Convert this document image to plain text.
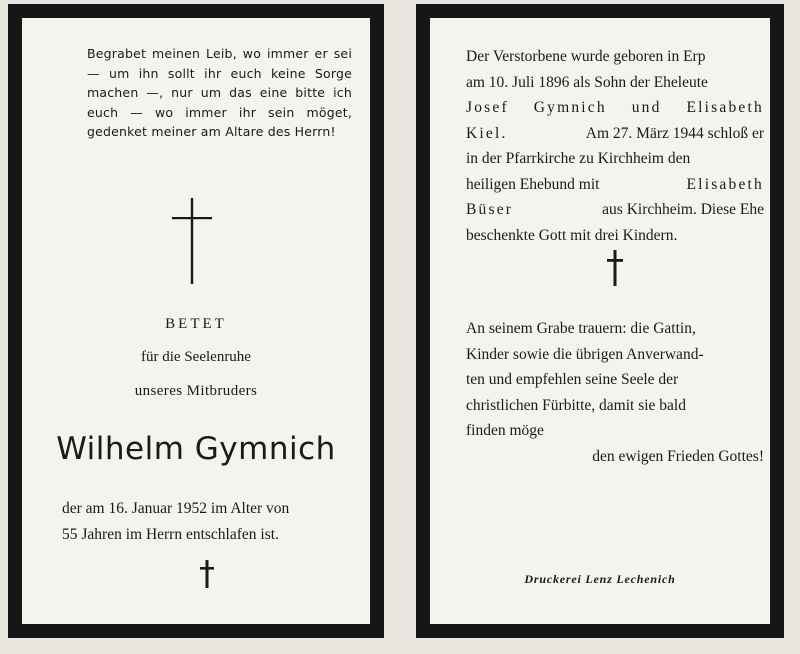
Begrabet meinen Leib, wo immer er sei — um ihn sollt ihr euch keine Sorge machen —, nur um das eine bitte ich euch — wo immer ihr sein möget, gedenket meiner am Altare des Herrn!
BETET
für die Seelenruhe
unseres Mitbruders
Wilhelm Gymnich
der am 16. Januar 1952 im Alter von
55 Jahren im Herrn entschlafen ist.
Der Verstorbene wurde geboren in Erp
am 10. Juli 1896 als Sohn der Eheleute
Josef Gymnich und Elisabeth
Kiel.	Am 27. März 1944 schloß er
in der Pfarrkirche zu Kirchheim den
heiligen Ehebund mit	Elisabeth
Büser	aus Kirchheim. Diese Ehe
beschenkte Gott mit drei Kindern.
An seinem Grabe trauern: die Gattin,
Kinder sowie die übrigen Anverwand-
ten und empfehlen seine Seele der
christlichen Fürbitte, damit sie bald
finden möge
den ewigen Frieden Gottes!
Druckerei Lenz Lechenich
